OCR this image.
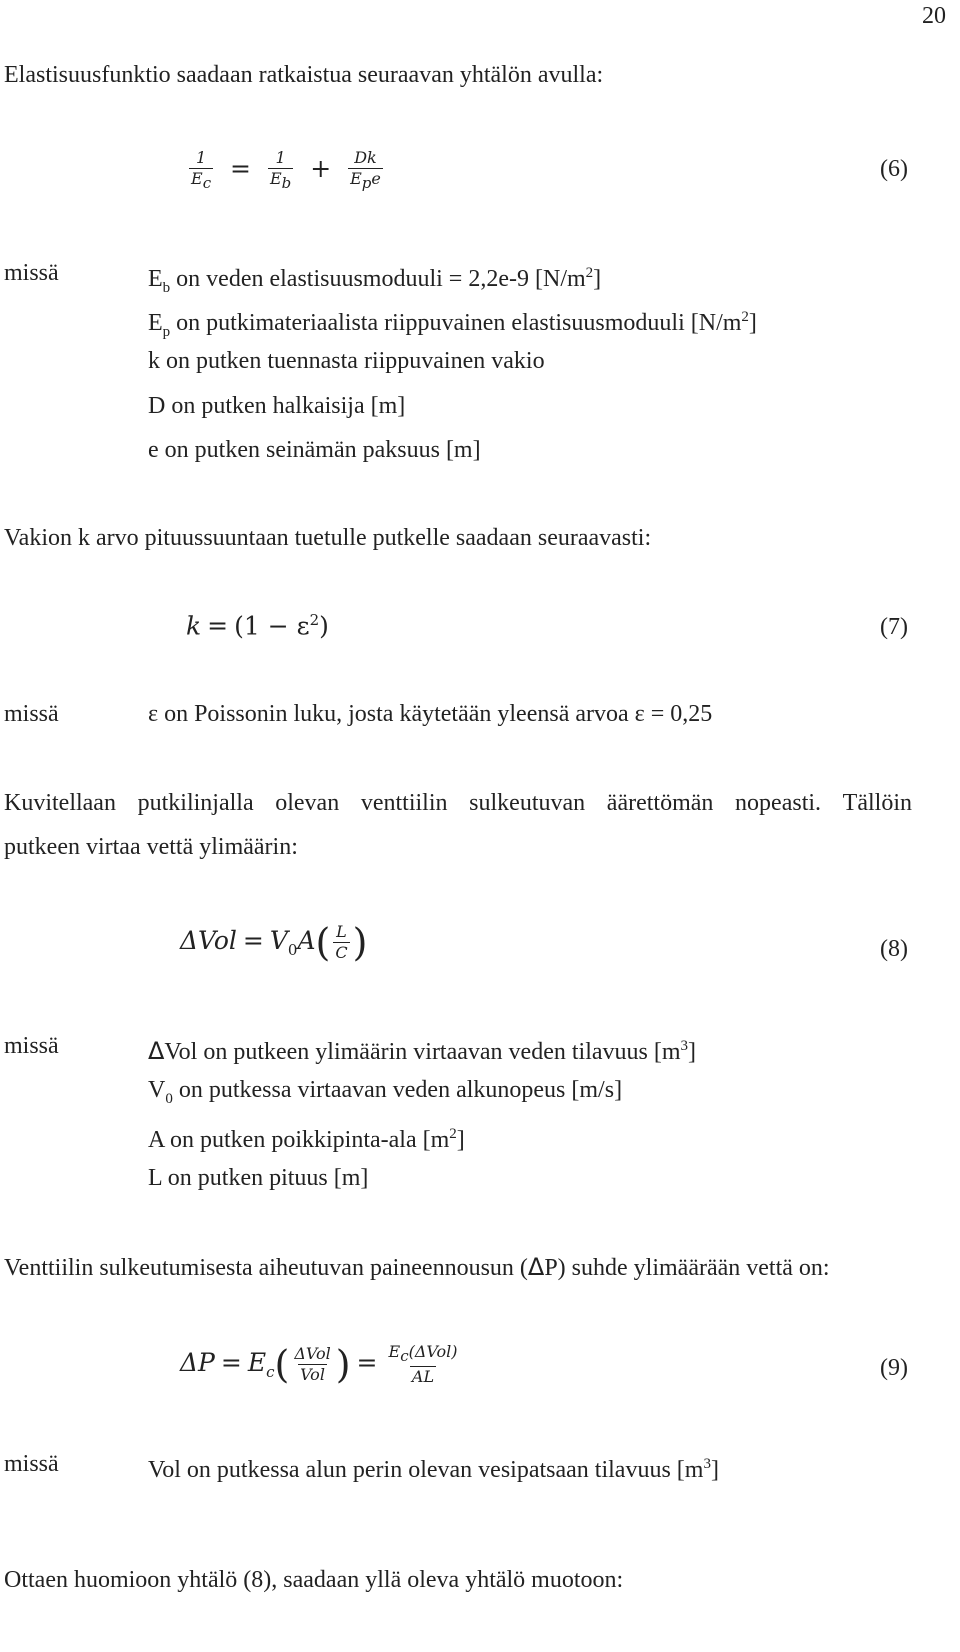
20
Elastisuusfunktio saadaan ratkaistua seuraavan yhtälön avulla:
$\frac{1}{E_c} = \frac{1}{E_b} + \frac{Dk}{E_pe}$	(6)
missä	$E_b$ on veden elastisuusmoduuli = 2,2e-9 $[N/m^2]$
$E_p$ on putkimateriaalista riippuvainen elastisuusmoduuli $[N/m^2]$
k on putken tuennasta riippuvainen vakio
D on putken halkaisija [m]
e on putken seinämän paksuus [m]
Vakion k arvo pituussuuntaan tuetulle putkelle saadaan seuraavasti:
$k = (1 - \varepsilon^2)$	(7)
missä	ε on Poissonin luku, josta käytetään yleensä arvoa ε = 0,25
Kuvitellaan putkilinjalla olevan venttiilin sulkeutuvan äärettömän nopeasti. Tällöin
putkeen virtaa vettä ylimäärin:
$\Delta Vol = V_0A( \frac{L}{C}$ )	(8)
missä	ΔVol on putkeen ylimäärin virtaavan veden tilavuus $[m^3]$
$V_0$ on putkessa virtaavan veden alkunopeus [m/s]
A on putken poikkipinta-ala $[m^2]$
L on putken pituus [m]
Venttiilin sulkeutumisesta aiheutuvan paineennousun (ΔP) suhde ylimäärään vettä on:
$\Delta P = E_c( \frac{\text{ΔVol}}{\text{Vol}}$ ) = $\frac{E_c(\Delta Vol)}{AL}$	(9)
missä	Vol on putkessa alun perin olevan vesipatsaan tilavuus $[m^3]$
Ottaen huomioon yhtälö (8), saadaan yllä oleva yhtälö muotoon:
